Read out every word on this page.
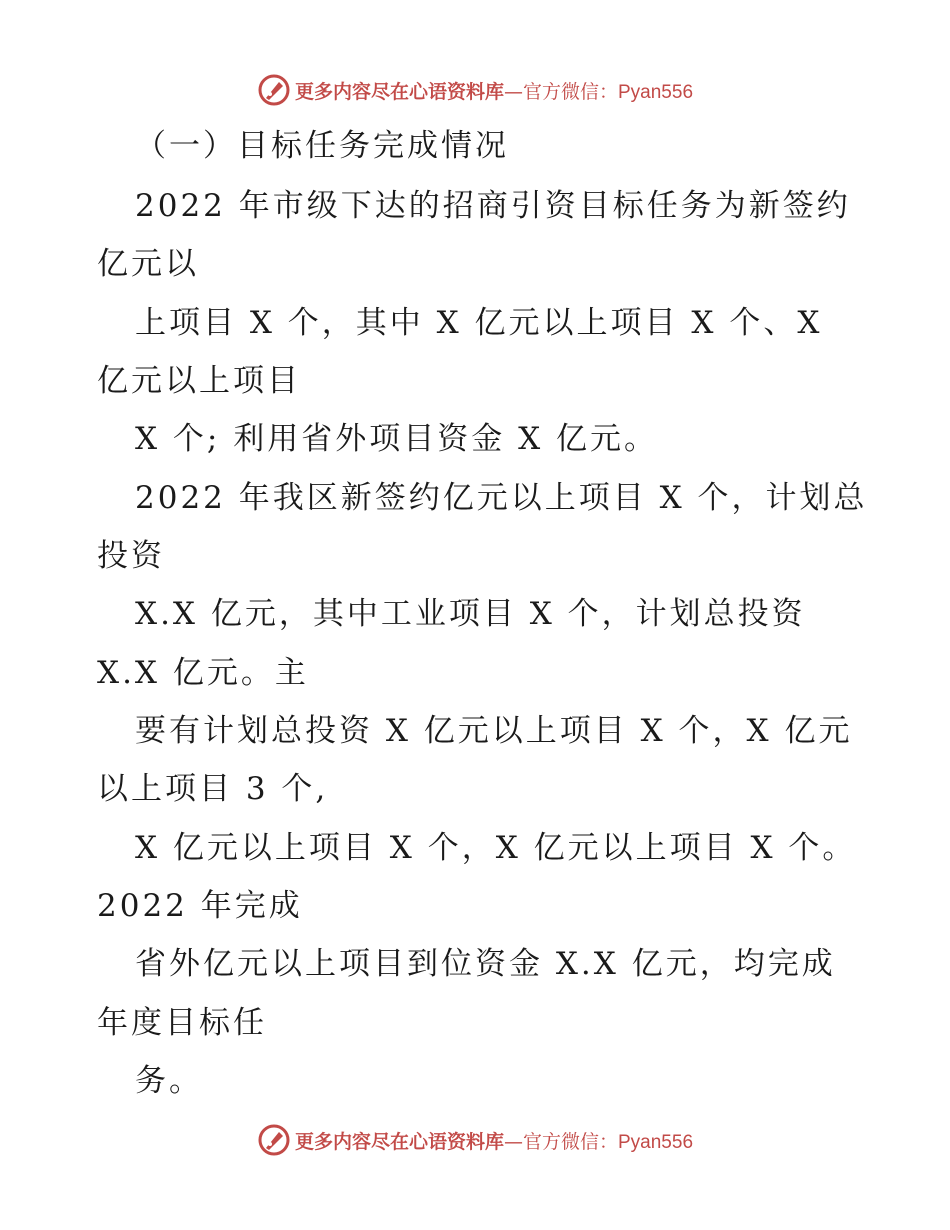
更多内容尽在心语资料库—官方微信：Pyan556
（一）目标任务完成情况
2022 年市级下达的招商引资目标任务为新签约
亿元以
上项目 X 个，其中 X 亿元以上项目 X 个、X
亿元以上项目
X 个; 利用省外项目资金 X 亿元。
2022 年我区新签约亿元以上项目 X 个，计划总
投资
X.X 亿元，其中工业项目 X 个，计划总投资
X.X 亿元。主
要有计划总投资 X 亿元以上项目 X 个，X 亿元
以上项目 3 个,
X 亿元以上项目 X 个，X 亿元以上项目 X 个。
2022 年完成
省外亿元以上项目到位资金 X.X 亿元，均完成
年度目标任
务。
更多内容尽在心语资料库—官方微信：Pyan556
